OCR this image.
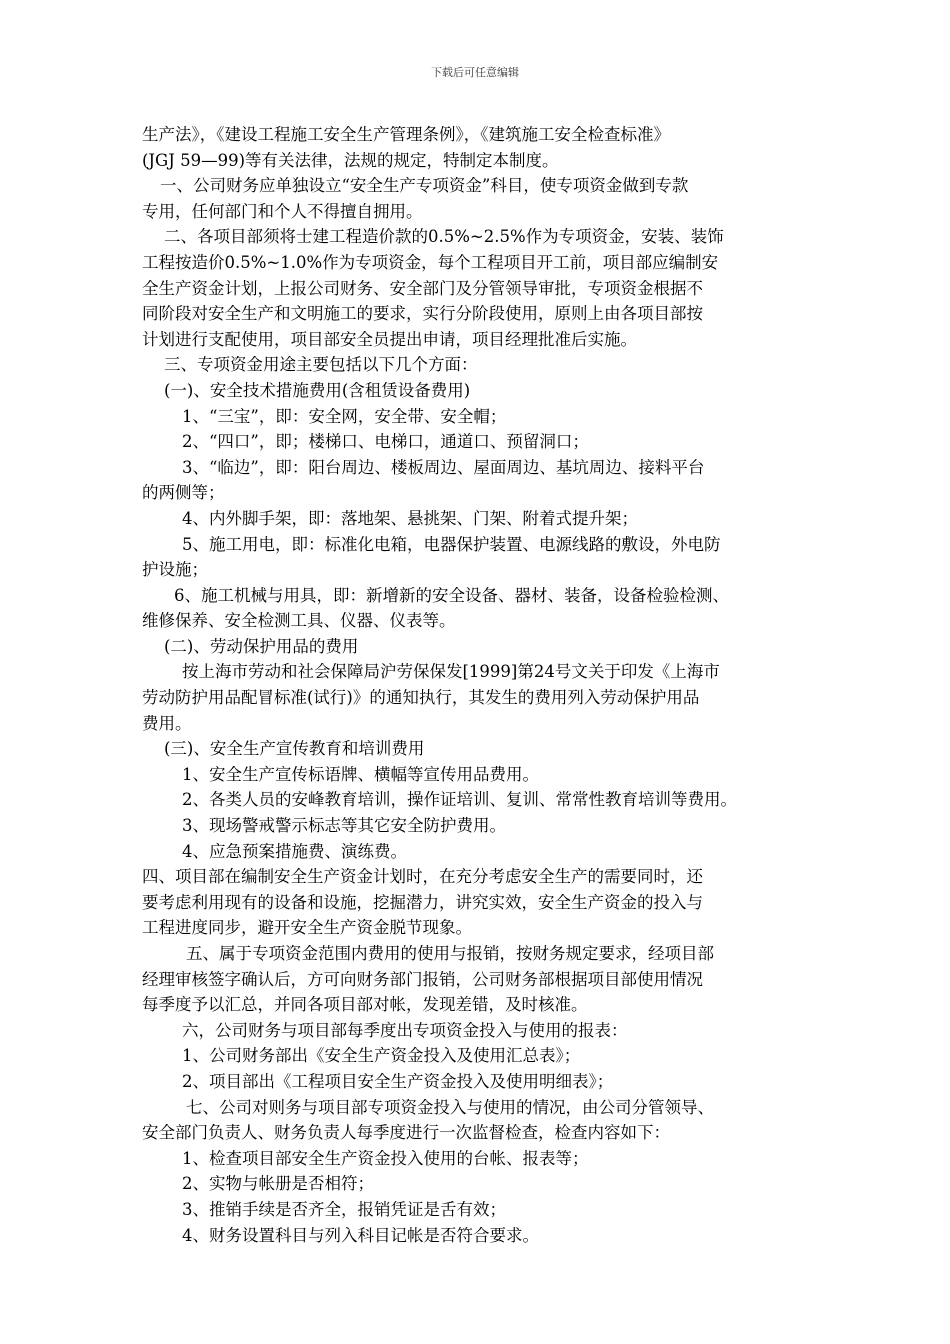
下载后可任意编辑
生产法》，《建设工程施工安全生产管理条例》，《建筑施工安全检查标准》
(JGJ 59—99)等有关法律，法规的规定，特制定本制度。
一、公司财务应单独设立“安全生产专项资金”科目，使专项资金做到专款
专用，任何部门和个人不得擅自拥用。
二、各项目部须将士建工程造价款的0.5%~2.5%作为专项资金，安装、装饰
工程按造价0.5%~1.0%作为专项资金，每个工程项目开工前，项目部应编制安
全生产资金计划，上报公司财务、安全部门及分管领导审批，专项资金根据不
同阶段对安全生产和文明施工的要求，实行分阶段使用，原则上由各项目部按
计划进行支配使用，项目部安全员提出申请，项目经理批准后实施。
三、专项资金用途主要包括以下几个方面：
(一)、安全技术措施费用(含租赁设备费用)
1、“三宝”，即：安全网，安全带、安全帽；
2、“四口”，即；楼梯口、电梯口，通道口、预留洞口；
3、“临边”，即：阳台周边、楼板周边、屋面周边、基坑周边、接料平台
的两侧等；
4、内外脚手架，即：落地架、悬挑架、门架、附着式提升架；
5、施工用电，即：标准化电箱，电器保护装置、电源线路的敷设，外电防
护设施；
6、施工机械与用具，即：新增新的安全设备、器材、装备，设备检验检测、
维修保养、安全检测工具、仪器、仪表等。
(二)、劳动保护用品的费用
按上海市劳动和社会保障局沪劳保保发[1999]第24号文关于印发《上海市
劳动防护用品配冒标准(试行)》的通知执行，其发生的费用列入劳动保护用品
费用。
(三)、安全生产宣传教育和培训费用
1、安全生产宣传标语牌、横幅等宣传用品费用。
2、各类人员的安峰教育培训，操作证培训、复训、常常性教育培训等费用。
3、现场警戒警示标志等其它安全防护费用。
4、应急预案措施费、演练费。
四、项目部在编制安全生产资金计划时，在充分考虑安全生产的需要同时，还
要考虑利用现有的设备和设施，挖掘潜力，讲究实效，安全生产资金的投入与
工程进度同步，避开安全生产资金脱节现象。
五、属于专项资金范围内费用的使用与报销，按财务规定要求，经项目部
经理审核签字确认后，方可向财务部门报销，公司财务部根据项目部使用情况
每季度予以汇总，并同各项目部对帐，发现差错，及时核准。
六，公司财务与项目部每季度出专项资金投入与使用的报表：
1、公司财务部出《安全生产资金投入及使用汇总表》；
2、项目部出《工程项目安全生产资金投入及使用明细表》；
七、公司对则务与项目部专项资金投入与使用的情况，由公司分管领导、
安全部门负责人、财务负责人每季度进行一次监督检查，检查内容如下：
1、检查项目部安全生产资金投入使用的台帐、报表等；
2、实物与帐册是否相符；
3、推销手续是否齐全，报销凭证是舌有效；
4、财务设置科目与列入科目记帐是否符合要求。
